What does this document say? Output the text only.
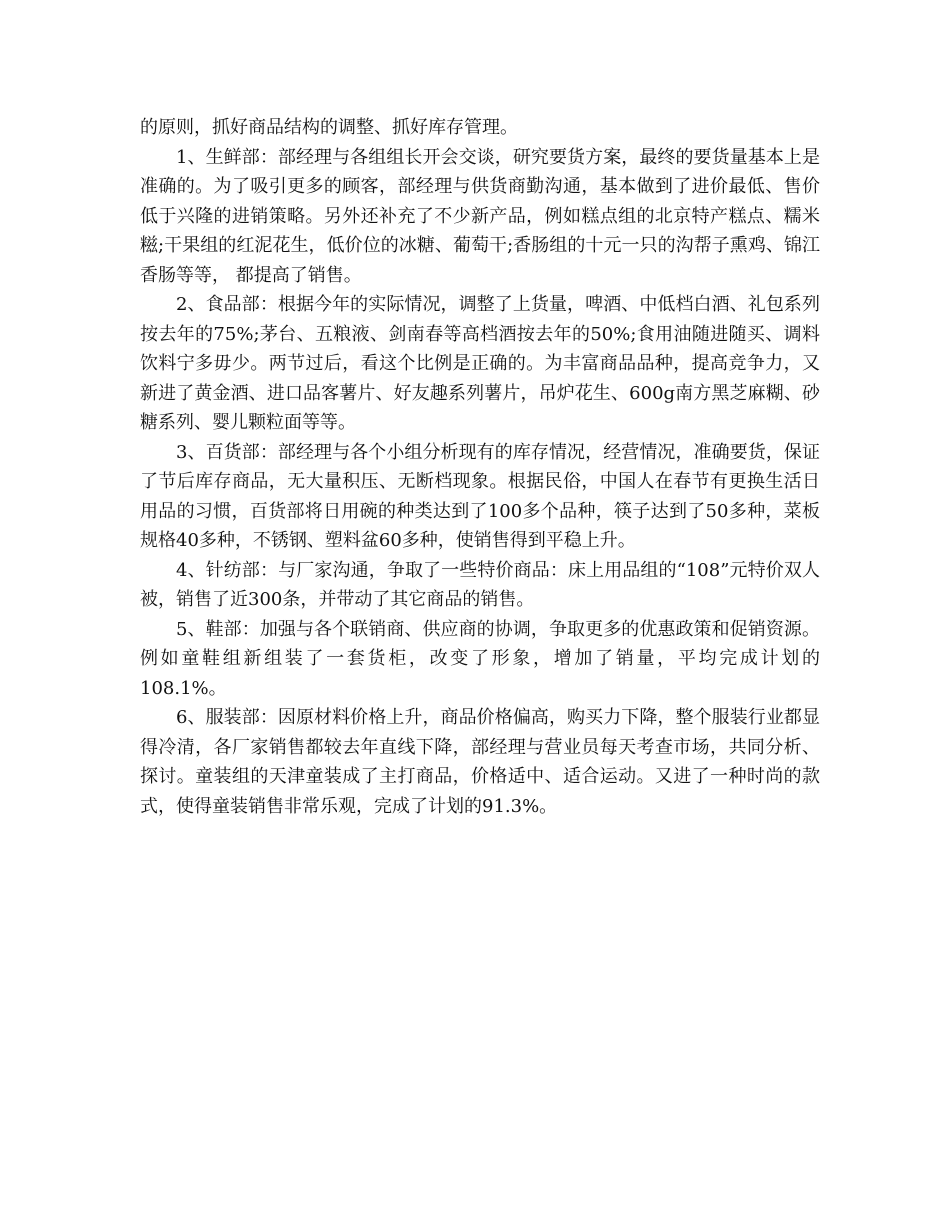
的原则，抓好商品结构的调整、抓好库存管理。

1、生鲜部：部经理与各组组长开会交谈，研究要货方案，最终的要货量基本上是准确的。为了吸引更多的顾客，部经理与供货商勤沟通，基本做到了进价最低、售价低于兴隆的进销策略。另外还补充了不少新产品，例如糕点组的北京特产糕点、糯米糍;干果组的红泥花生，低价位的冰糖、葡萄干;香肠组的十元一只的沟帮子熏鸡、锦江香肠等等， 都提高了销售。

2、食品部：根据今年的实际情况，调整了上货量，啤酒、中低档白酒、礼包系列按去年的75%;茅台、五粮液、剑南春等高档酒按去年的50%;食用油随进随买、调料饮料宁多毋少。两节过后，看这个比例是正确的。为丰富商品品种，提高竞争力，又新进了黄金酒、进口品客薯片、好友趣系列薯片，吊炉花生、600g南方黑芝麻糊、砂糖系列、婴儿颗粒面等等。

3、百货部：部经理与各个小组分析现有的库存情况，经营情况，准确要货，保证了节后库存商品，无大量积压、无断档现象。根据民俗，中国人在春节有更换生活日用品的习惯，百货部将日用碗的种类达到了100多个品种，筷子达到了50多种，菜板规格40多种，不锈钢、塑料盆60多种，使销售得到平稳上升。

4、针纺部：与厂家沟通，争取了一些特价商品：床上用品组的“108”元特价双人被，销售了近300条，并带动了其它商品的销售。

5、鞋部：加强与各个联销商、供应商的协调，争取更多的优惠政策和促销资源。例如童鞋组新组装了一套货柜，改变了形象，增加了销量，平均完成计划的108.1%。

6、服装部：因原材料价格上升，商品价格偏高，购买力下降，整个服装行业都显得冷清，各厂家销售都较去年直线下降，部经理与营业员每天考查市场，共同分析、探讨。童装组的天津童装成了主打商品，价格适中、适合运动。又进了一种时尚的款式，使得童装销售非常乐观，完成了计划的91.3%。
